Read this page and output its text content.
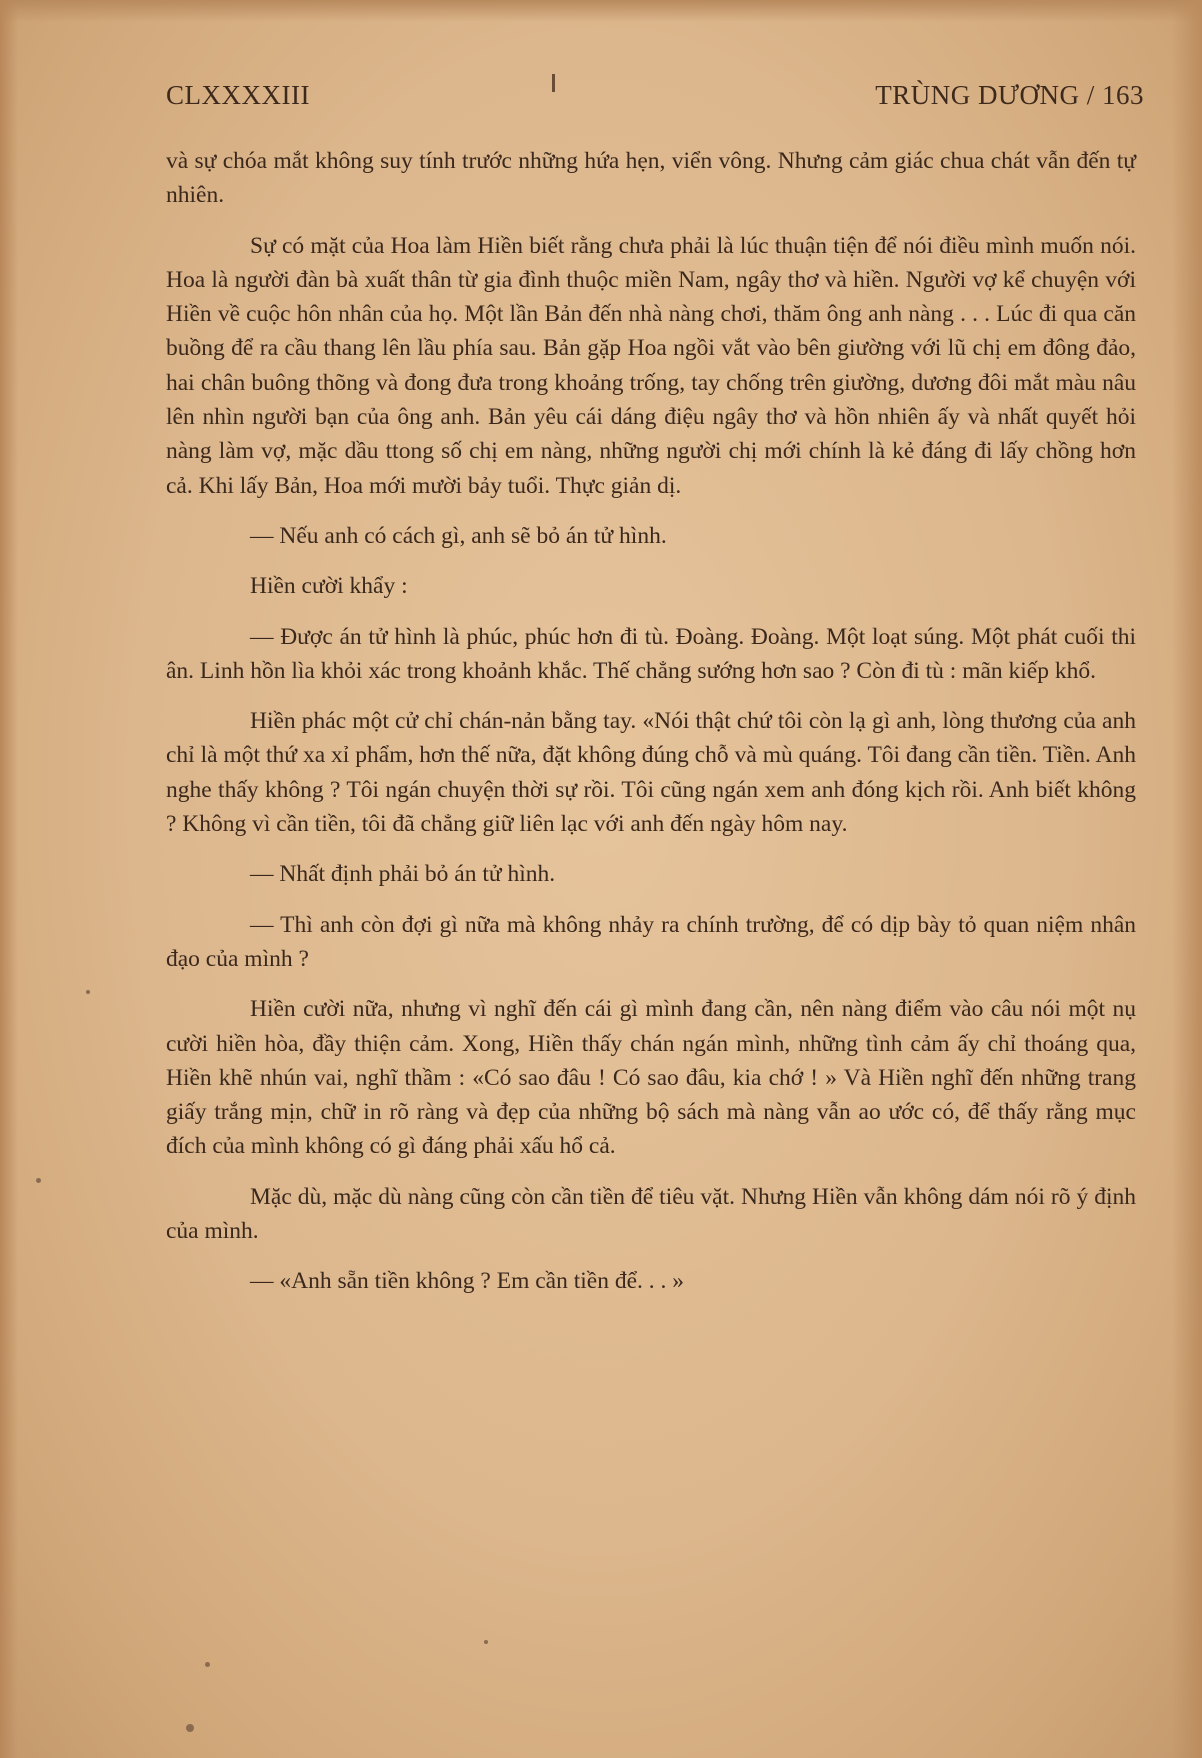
CLXXXXIII	TRÙNG DƯƠNG / 163

và sự chóa mắt không suy tính trước những hứa hẹn, viển vông. Nhưng cảm giác chua chát vẫn đến tự nhiên.

Sự có mặt của Hoa làm Hiền biết rằng chưa phải là lúc thuận tiện để nói điều mình muốn nói. Hoa là người đàn bà xuất thân từ gia đình thuộc miền Nam, ngây thơ và hiền. Người vợ kể chuyện với Hiền về cuộc hôn nhân của họ. Một lần Bản đến nhà nàng chơi, thăm ông anh nàng . . . Lúc đi qua căn buồng để ra cầu thang lên lầu phía sau. Bản gặp Hoa ngồi vắt vào bên giường với lũ chị em đông đảo, hai chân buông thõng và đong đưa trong khoảng trống, tay chống trên giường, dương đôi mắt màu nâu lên nhìn người bạn của ông anh. Bản yêu cái dáng điệu ngây thơ và hồn nhiên ấy và nhất quyết hỏi nàng làm vợ, mặc dầu ttong số chị em nàng, những người chị mới chính là kẻ đáng đi lấy chồng hơn cả. Khi lấy Bản, Hoa mới mười bảy tuổi. Thực giản dị.

— Nếu anh có cách gì, anh sẽ bỏ án tử hình.

Hiền cười khẩy :

— Được án tử hình là phúc, phúc hơn đi tù. Đoàng. Đoàng. Một loạt súng. Một phát cuối thi ân. Linh hồn lìa khỏi xác trong khoảnh khắc. Thế chẳng sướng hơn sao ? Còn đi tù : mãn kiếp khổ.

Hiền phác một cử chỉ chán-nản bằng tay. «Nói thật chứ tôi còn lạ gì anh, lòng thương của anh chỉ là một thứ xa xỉ phẩm, hơn thế nữa, đặt không đúng chỗ và mù quáng. Tôi đang cần tiền. Tiền. Anh nghe thấy không ? Tôi ngán chuyện thời sự rồi. Tôi cũng ngán xem anh đóng kịch rồi. Anh biết không ? Không vì cần tiền, tôi đã chẳng giữ liên lạc với anh đến ngày hôm nay.

— Nhất định phải bỏ án tử hình.

— Thì anh còn đợi gì nữa mà không nhảy ra chính trường, để có dịp bày tỏ quan niệm nhân đạo của mình ?

Hiền cười nữa, nhưng vì nghĩ đến cái gì mình đang cần, nên nàng điểm vào câu nói một nụ cười hiền hòa, đầy thiện cảm. Xong, Hiền thấy chán ngán mình, những tình cảm ấy chỉ thoáng qua, Hiền khẽ nhún vai, nghĩ thầm : «Có sao đâu ! Có sao đâu, kia chớ ! » Và Hiền nghĩ đến những trang giấy trắng mịn, chữ in rõ ràng và đẹp của những bộ sách mà nàng vẫn ao ước có, để thấy rằng mục đích của mình không có gì đáng phải xấu hổ cả.

Mặc dù, mặc dù nàng cũng còn cần tiền để tiêu vặt. Nhưng Hiền vẫn không dám nói rõ ý định của mình.

— «Anh sẵn tiền không ? Em cần tiền để. . . »
